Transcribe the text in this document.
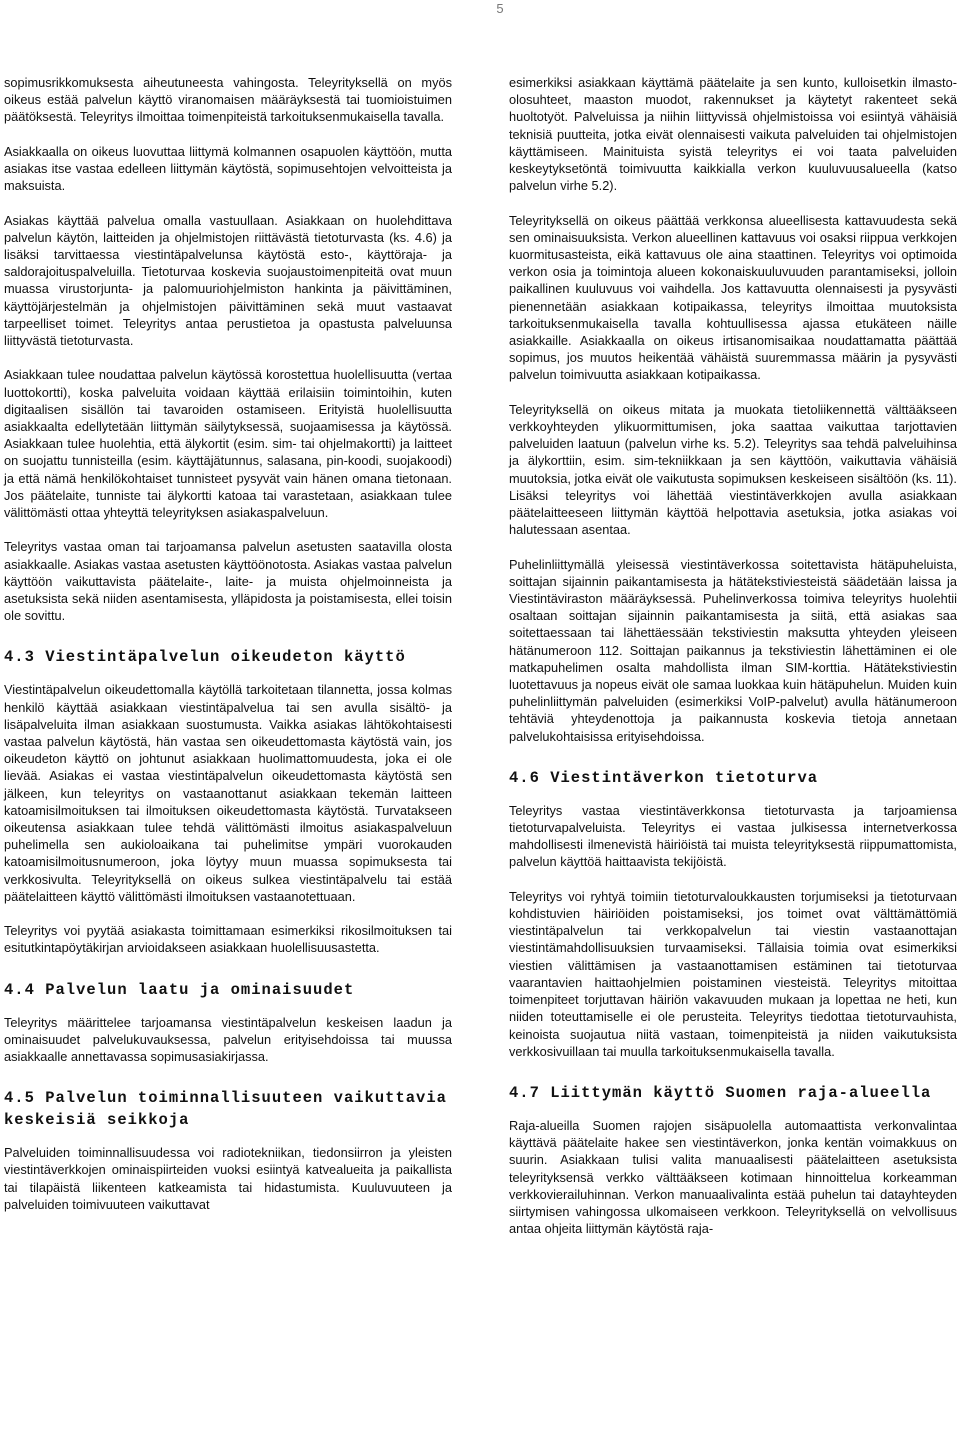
5

sopimusrikkomuksesta aiheutuneesta vahingosta. Teleyrityksellä on myös oikeus estää palvelun käyttö viranomaisen määräyksestä tai tuomioistuimen päätöksestä. Teleyritys ilmoittaa toimenpiteistä tarkoituksenmukaisella tavalla.

Asiakkaalla on oikeus luovuttaa liittymä kolmannen osapuolen käyttöön, mutta asiakas itse vastaa edelleen liittymän käytöstä, sopimusehtojen velvoitteista ja maksuista.

Asiakas käyttää palvelua omalla vastuullaan. Asiakkaan on huolehdittava palvelun käytön, laitteiden ja ohjelmistojen riittävästä tietoturvasta (ks. 4.6) ja lisäksi tarvittaessa viestintäpalvelunsa käytöstä esto-, käyttöraja- ja saldorajoituspalveluilla. Tietoturvaa koskevia suojaustoimenpiteitä ovat muun muassa virustorjunta- ja palomuuriohjelmiston hankinta ja päivittäminen, käyttöjärjestelmän ja ohjelmistojen päivittäminen sekä muut vastaavat tarpeelliset toimet. Teleyritys antaa perustietoa ja opastusta palveluunsa liittyvästä tietoturvasta.

Asiakkaan tulee noudattaa palvelun käytössä korostettua huolellisuutta (vertaa luottokortti), koska palveluita voidaan käyttää erilaisiin toimintoihin, kuten digitaalisen sisällön tai tavaroiden ostamiseen. Erityistä huolellisuutta asiakkaalta edellytetään liittymän säilytyksessä, suojaamisessa ja käytössä. Asiakkaan tulee huolehtia, että älykortit (esim. sim- tai ohjelmakortti) ja laitteet on suojattu tunnisteilla (esim. käyttäjätunnus, salasana, pin-koodi, suojakoodi) ja että nämä henkilökohtaiset tunnisteet pysyvät vain hänen omana tietonaan. Jos päätelaite, tunniste tai älykortti katoaa tai varastetaan, asiakkaan tulee välittömästi ottaa yhteyttä teleyrityksen asiakaspalveluun.

Teleyritys vastaa oman tai tarjoamansa palvelun asetusten saatavilla olosta asiakkaalle. Asiakas vastaa asetusten käyttöönotosta. Asiakas vastaa palvelun käyttöön vaikuttavista päätelaite-, laite- ja muista ohjelmoinneista ja asetuksista sekä niiden asentamisesta, ylläpidosta ja poistamisesta, ellei toisin ole sovittu.

4.3 Viestintäpalvelun oikeudeton käyttö

Viestintäpalvelun oikeudettomalla käytöllä tarkoitetaan tilannetta, jossa kolmas henkilö käyttää asiakkaan viestintäpalvelua tai sen avulla sisältö- ja lisäpalveluita ilman asiakkaan suostumusta. Vaikka asiakas lähtökohtaisesti vastaa palvelun käytöstä, hän vastaa sen oikeudettomasta käytöstä vain, jos oikeudeton käyttö on johtunut asiakkaan huolimattomuudesta, joka ei ole lievää. Asiakas ei vastaa viestintäpalvelun oikeudettomasta käytöstä sen jälkeen, kun teleyritys on vastaanottanut asiakkaan tekemän laitteen katoamisilmoituksen tai ilmoituksen oikeudettomasta käytöstä. Turvatakseen oikeutensa asiakkaan tulee tehdä välittömästi ilmoitus asiakaspalveluun puhelimella sen aukioloaikana tai puhelimitse ympäri vuorokauden katoamisilmoitusnumeroon, joka löytyy muun muassa sopimuksesta tai verkkosivulta. Teleyrityksellä on oikeus sulkea viestintäpalvelu tai estää päätelaitteen käyttö välittömästi ilmoituksen vastaanotettuaan.

Teleyritys voi pyytää asiakasta toimittamaan esimerkiksi rikosilmoituksen tai esitutkintapöytäkirjan arvioidakseen asiakkaan huolellisuusastetta.

4.4 Palvelun laatu ja ominaisuudet

Teleyritys määrittelee tarjoamansa viestintäpalvelun keskeisen laadun ja ominaisuudet palvelukuvauksessa, palvelun erityisehdoissa tai muussa asiakkaalle annettavassa sopimusasiakirjassa.

4.5 Palvelun toiminnallisuuteen vaikuttavia keskeisiä seikkoja

Palveluiden toiminnallisuudessa voi radiotekniikan, tiedonsiirron ja yleisten viestintäverkkojen ominaispiirteiden vuoksi esiintyä katvealueita ja paikallista tai tilapäistä liikenteen katkeamista tai hidastumista. Kuuluvuuteen ja palveluiden toimivuuteen vaikuttavat

esimerkiksi asiakkaan käyttämä päätelaite ja sen kunto, kulloisetkin ilmasto-olosuhteet, maaston muodot, rakennukset ja käytetyt rakenteet sekä huoltotyöt. Palveluissa ja niihin liittyvissä ohjelmistoissa voi esiintyä vähäisiä teknisiä puutteita, jotka eivät olennaisesti vaikuta palveluiden tai ohjelmistojen käyttämiseen. Mainituista syistä teleyritys ei voi taata palveluiden keskeytyksetöntä toimivuutta kaikkialla verkon kuuluvuusalueella (katso palvelun virhe 5.2).

Teleyrityksellä on oikeus päättää verkkonsa alueellisesta kattavuudesta sekä sen ominaisuuksista. Verkon alueellinen kattavuus voi osaksi riippua verkkojen kuormitusasteista, eikä kattavuus ole aina staattinen. Teleyritys voi optimoida verkon osia ja toimintoja alueen kokonaiskuuluvuuden parantamiseksi, jolloin paikallinen kuuluvuus voi vaihdella. Jos kattavuutta olennaisesti ja pysyvästi pienennetään asiakkaan kotipaikassa, teleyritys ilmoittaa muutoksista tarkoituksenmukaisella tavalla kohtuullisessa ajassa etukäteen näille asiakkaille. Asiakkaalla on oikeus irtisanomisaikaa noudattamatta päättää sopimus, jos muutos heikentää vähäistä suuremmassa määrin ja pysyvästi palvelun toimivuutta asiakkaan kotipaikassa.

Teleyrityksellä on oikeus mitata ja muokata tietoliikennettä välttääkseen verkkoyhteyden ylikuormittumisen, joka saattaa vaikuttaa tarjottavien palveluiden laatuun (palvelun virhe ks. 5.2). Teleyritys saa tehdä palveluihinsa ja älykorttiin, esim. sim-tekniikkaan ja sen käyttöön, vaikuttavia vähäisiä muutoksia, jotka eivät ole vaikutusta sopimuksen keskeiseen sisältöön (ks. 11). Lisäksi teleyritys voi lähettää viestintäverkkojen avulla asiakkaan päätelaitteeseen liittymän käyttöä helpottavia asetuksia, jotka asiakas voi halutessaan asentaa.

Puhelinliittymällä yleisessä viestintäverkossa soitettavista hätäpuheluista, soittajan sijainnin paikantamisesta ja hätätekstiviesteistä säädetään laissa ja Viestintäviraston määräyksessä. Puhelinverkossa toimiva teleyritys huolehtii osaltaan soittajan sijainnin paikantamisesta ja siitä, että asiakas saa soitettaessaan tai lähettäessään tekstiviestin maksutta yhteyden yleiseen hätänumeroon 112. Soittajan paikannus ja tekstiviestin lähettäminen ei ole matkapuhelimen osalta mahdollista ilman SIM-korttia. Hätätekstiviestin luotettavuus ja nopeus eivät ole samaa luokkaa kuin hätäpuhelun. Muiden kuin puhelinliittymän palveluiden (esimerkiksi VoIP-palvelut) avulla hätänumeroon tehtäviä yhteydenottoja ja paikannusta koskevia tietoja annetaan palvelukohtaisissa erityisehdoissa.

4.6 Viestintäverkon tietoturva

Teleyritys vastaa viestintäverkkonsa tietoturvasta ja tarjoamiensa tietoturvapalveluista. Teleyritys ei vastaa julkisessa internetverkossa mahdollisesti ilmenevistä häiriöistä tai muista teleyrityksestä riippumattomista, palvelun käyttöä haittaavista tekijöistä.

Teleyritys voi ryhtyä toimiin tietoturvaloukkausten torjumiseksi ja tietoturvaan kohdistuvien häiriöiden poistamiseksi, jos toimet ovat välttämättömiä viestintäpalvelun tai verkkopalvelun tai viestin vastaanottajan viestintämahdollisuuksien turvaamiseksi. Tällaisia toimia ovat esimerkiksi viestien välittämisen ja vastaanottamisen estäminen tai tietoturvaa vaarantavien haittaohjelmien poistaminen viesteistä. Teleyritys mitoittaa toimenpiteet torjuttavan häiriön vakavuuden mukaan ja lopettaa ne heti, kun niiden toteuttamiselle ei ole perusteita. Teleyritys tiedottaa tietoturvauhista, keinoista suojautua niitä vastaan, toimenpiteistä ja niiden vaikutuksista verkkosivuillaan tai muulla tarkoituksenmukaisella tavalla.

4.7 Liittymän käyttö Suomen raja-alueella

Raja-alueilla Suomen rajojen sisäpuolella automaattista verkonvalintaa käyttävä päätelaite hakee sen viestintäverkon, jonka kentän voimakkuus on suurin. Asiakkaan tulisi valita manuaalisesti päätelaitteen asetuksista teleyrityksensä verkko välttääkseen kotimaan hinnoittelua korkeamman verkkovierailuhinnan. Verkon manuaalivalinta estää puhelun tai datayhteyden siirtymisen vahingossa ulkomaiseen verkkoon. Teleyrityksellä on velvollisuus antaa ohjeita liittymän käytöstä raja-
